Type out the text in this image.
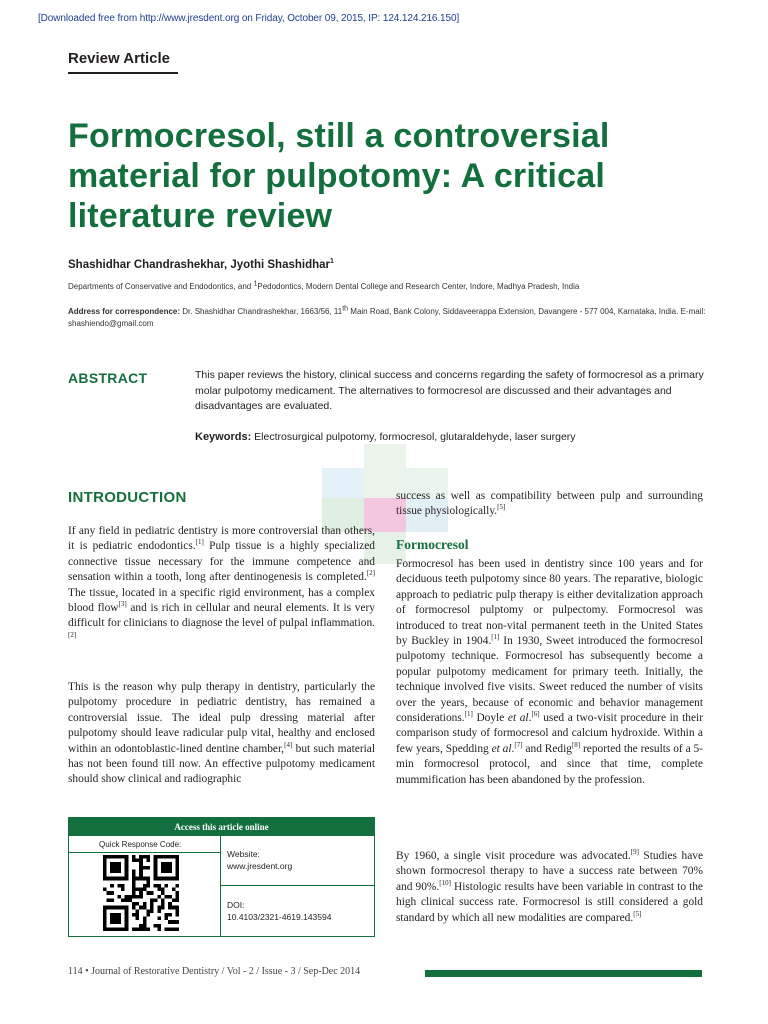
[Downloaded free from http://www.jresdent.org on Friday, October 09, 2015, IP: 124.124.216.150]
Review Article
Formocresol, still a controversial material for pulpotomy: A critical literature review
Shashidhar Chandrashekhar, Jyothi Shashidhar$^1$
Departments of Conservative and Endodontics, and $^1$Pedodontics, Modern Dental College and Research Center, Indore, Madhya Pradesh, India
Address for correspondence: Dr. Shashidhar Chandrashekhar, 1663/56, 11th Main Road, Bank Colony, Siddaveerappa Extension, Davangere - 577 004, Karnataka, India. E-mail: shashiendo@gmail.com
ABSTRACT	This paper reviews the history, clinical success and concerns regarding the safety of formocresol as a primary molar pulpotomy medicament. The alternatives to formocresol are discussed and their advantages and disadvantages are evaluated.
Keywords: Electrosurgical pulpotomy, formocresol, glutaraldehyde, laser surgery
INTRODUCTION
If any field in pediatric dentistry is more controversial than others, it is pediatric endodontics.[1] Pulp tissue is a highly specialized connective tissue necessary for the immune competence and sensation within a tooth, long after dentinogenesis is completed.[2] The tissue, located in a specific rigid environment, has a complex blood flow[3] and is rich in cellular and neural elements. It is very difficult for clinicians to diagnose the level of pulpal inflammation.[2]
This is the reason why pulp therapy in dentistry, particularly the pulpotomy procedure in pediatric dentistry, has remained a controversial issue. The ideal pulp dressing material after pulpotomy should leave radicular pulp vital, healthy and enclosed within an odontoblastic-lined dentine chamber,[4] but such material has not been found till now. An effective pulpotomy medicament should show clinical and radiographic
success as well as compatibility between pulp and surrounding tissue physiologically.[5]
Formocresol
Formocresol has been used in dentistry since 100 years and for deciduous teeth pulpotomy since 80 years. The reparative, biologic approach to pediatric pulp therapy is either devitalization approach of formocresol pulptomy or pulpectomy. Formocresol was introduced to treat non-vital permanent teeth in the United States by Buckley in 1904.[1] In 1930, Sweet introduced the formocresol pulpotomy technique. Formocresol has subsequently become a popular pulpotomy medicament for primary teeth. Initially, the technique involved five visits. Sweet reduced the number of visits over the years, because of economic and behavior management considerations.[1] Doyle et al.[6] used a two-visit procedure in their comparison study of formocresol and calcium hydroxide. Within a few years, Spedding et al.[7] and Redig[8] reported the results of a 5-min formocresol protocol, and since that time, complete mummification has been abandoned by the profession.
By 1960, a single visit procedure was advocated.[9] Studies have shown formocresol therapy to have a success rate between 70% and 90%.[10] Histologic results have been variable in contrast to the high clinical success rate. Formocresol is still considered a gold standard by which all new modalities are compared.[5]
Access this article online
Quick Response Code:
Website:
www.jresdent.org
DOI:
10.4103/2321-4619.143594
114 • Journal of Restorative Dentistry / Vol - 2 / Issue - 3 / Sep-Dec 2014
